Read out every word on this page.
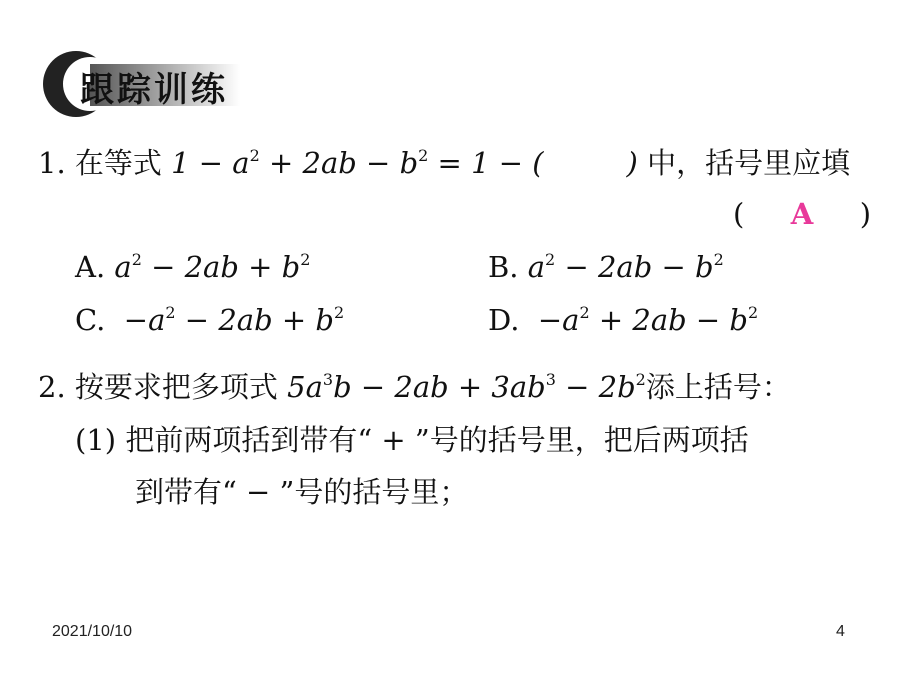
跟踪训练
1. 在等式 $1 - a^2 + 2ab - b^2 = 1$ − (         ) 中，括号里应填
( A )
A. $a^2 - 2ab + b^2$	B. $a^2 - 2ab - b^2$
C.  $-a^2 - 2ab + b^2$	D.  $-a^2 + 2ab - b^2$
2. 按要求把多项式 $5a^3b - 2ab + 3ab^3 - 2b^2$添上括号：
(1) 把前两项括到带有“ + ”号的括号里，把后两项括
到带有“ − ”号的括号里；
2021/10/10	4
